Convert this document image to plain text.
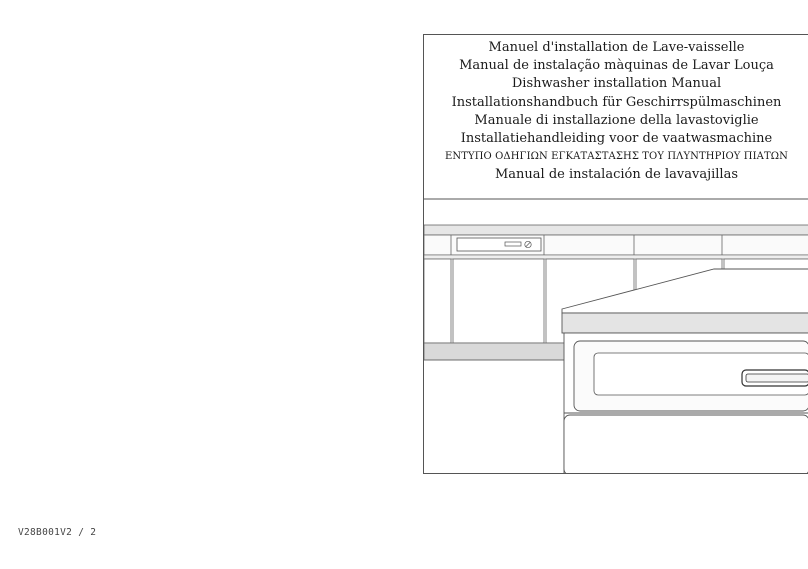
Manuel d'installation de Lave-vaisselle
Manual de instalação màquinas de Lavar Louça
Dishwasher installation Manual
Installationshandbuch für Geschirrspülmaschinen
Manuale di installazione della lavastoviglie
Installatiehandleiding voor de vaatwasmachine
ΕΝΤΥΠΟ ΟΔΗΓΙΩΝ ΕΓΚΑΤΑΣΤΑΣΗΣ ΤΟΥ ΠΛΥΝΤΗΡΙΟΥ ΠΙΑΤΩΝ
Manual de instalación de lavavajillas
V28B001V2 / 2
